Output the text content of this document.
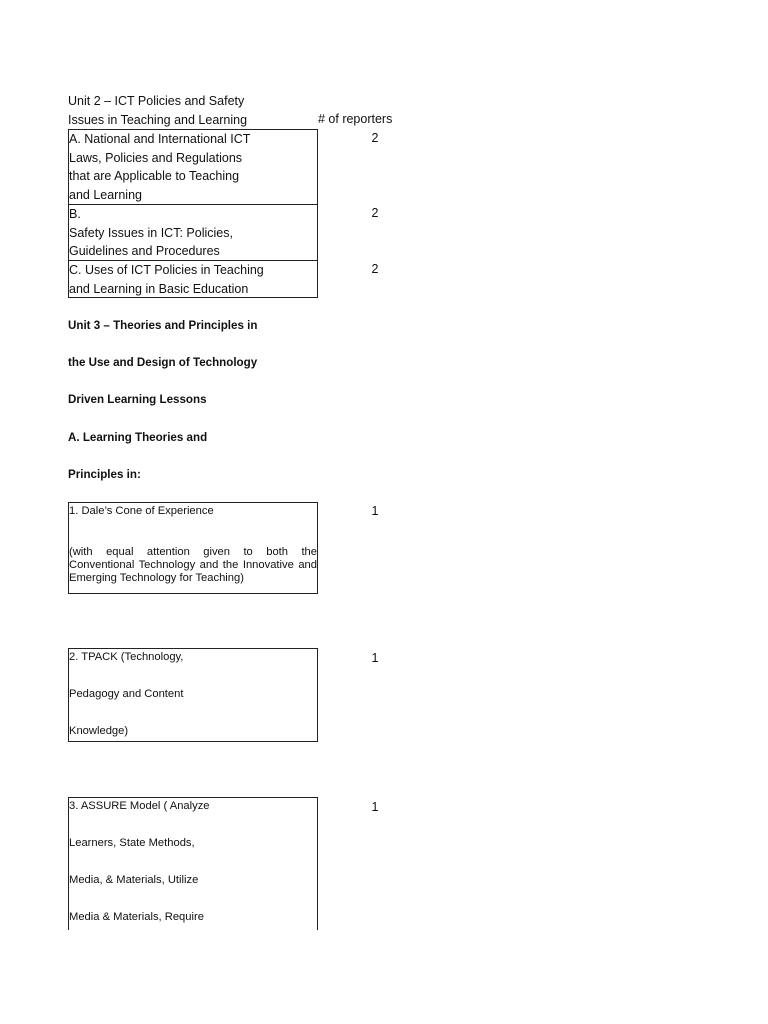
Unit 2 – ICT Policies and Safety
Issues in Teaching and Learning	# of reporters
A. National and International ICT
Laws, Policies and Regulations
that are Applicable to Teaching
and Learning
2
B.
Safety Issues in ICT: Policies,
Guidelines and Procedures
2
C. Uses of ICT Policies in Teaching
and Learning in Basic Education
2
Unit 3 – Theories and Principles in
the Use and Design of Technology
Driven Learning Lessons
A. Learning Theories and
Principles in:
1. Dale’s Cone of Experience
(with equal attention given to both the Conventional Technology and the Innovative and Emerging Technology for Teaching)
1
2. TPACK (Technology,
Pedagogy and Content
Knowledge)
1
3. ASSURE Model ( Analyze
Learners, State Methods,
Media, & Materials, Utilize
Media & Materials, Require
1
